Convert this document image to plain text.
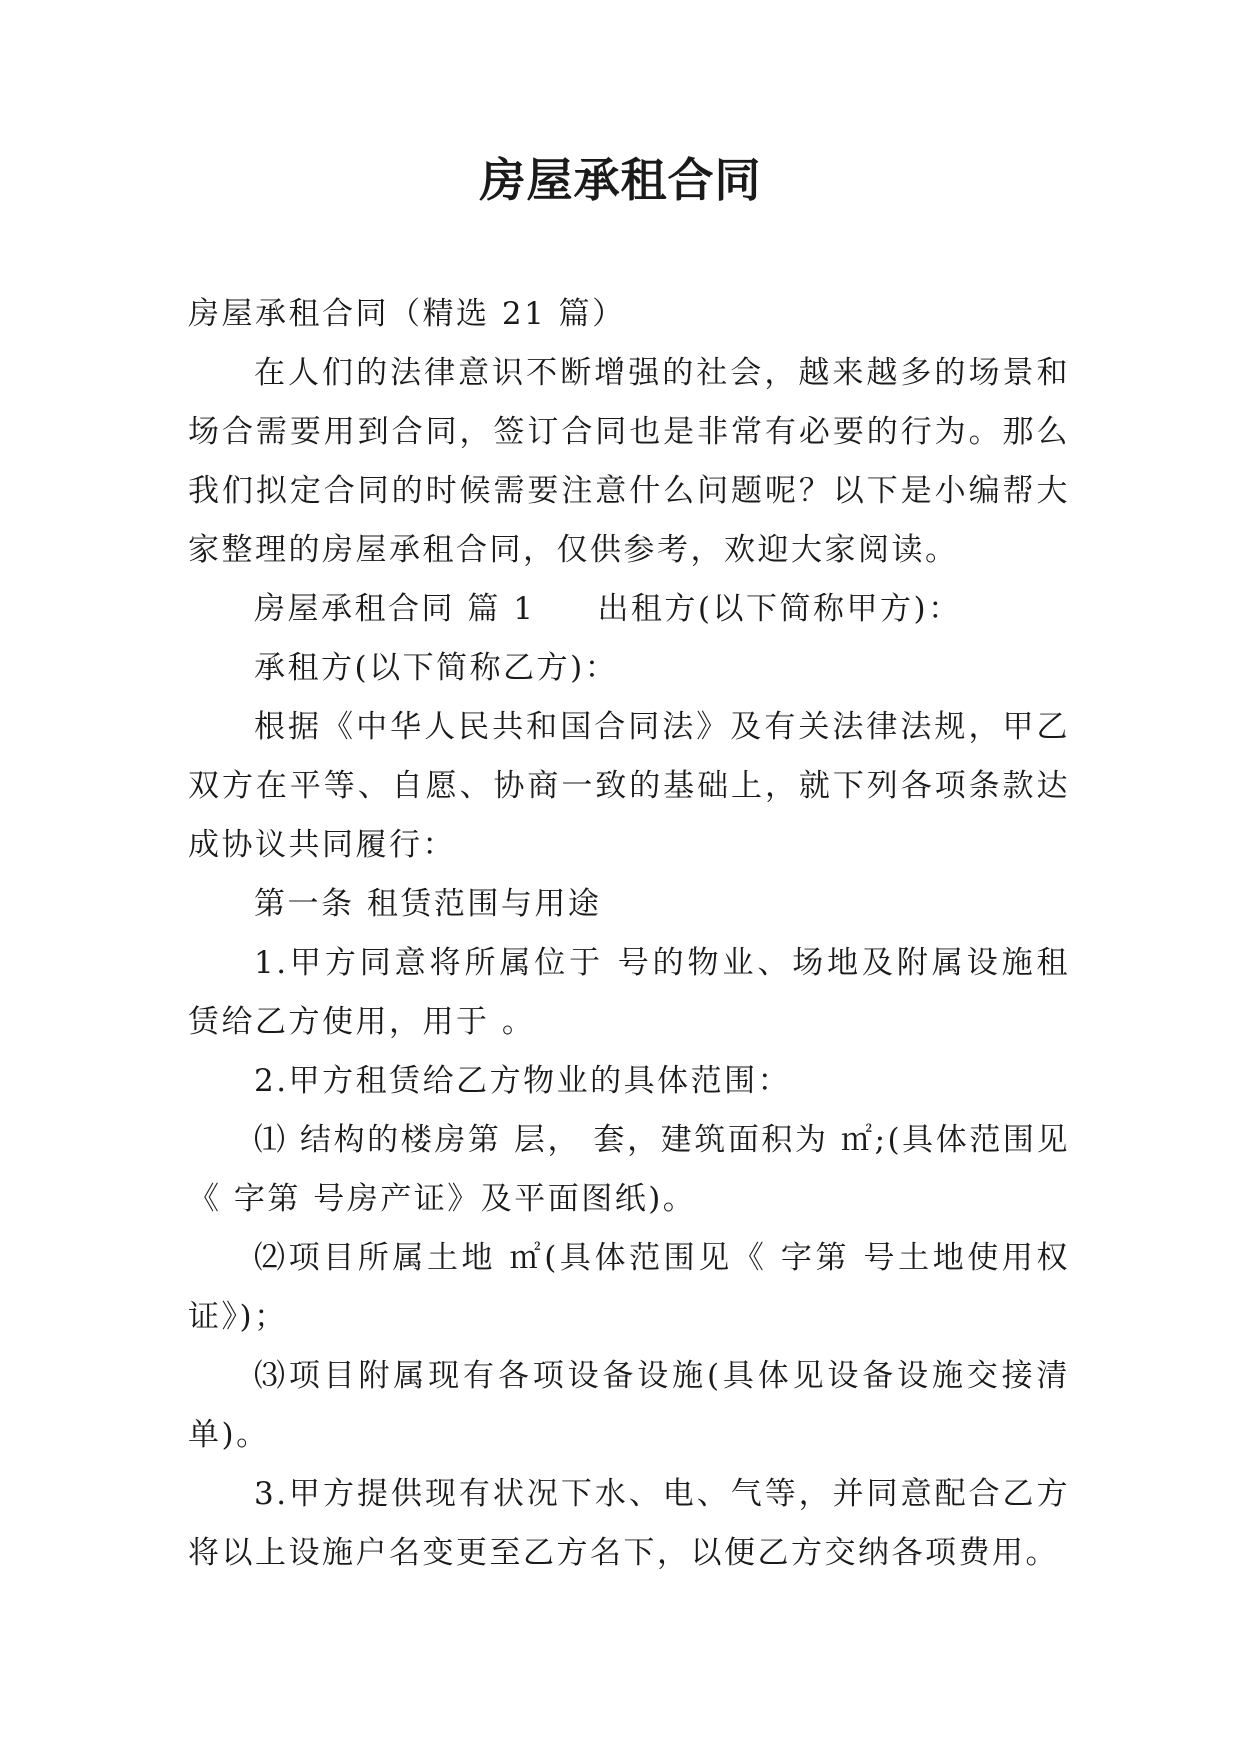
房屋承租合同

房屋承租合同（精选 21 篇）

在人们的法律意识不断增强的社会，越来越多的场景和场合需要用到合同，签订合同也是非常有必要的行为。那么我们拟定合同的时候需要注意什么问题呢？以下是小编帮大家整理的房屋承租合同，仅供参考，欢迎大家阅读。

房屋承租合同 篇 1 出租方(以下简称甲方)：

承租方(以下简称乙方)：

根据《中华人民共和国合同法》及有关法律法规，甲乙双方在平等、自愿、协商一致的基础上，就下列各项条款达成协议共同履行：

第一条 租赁范围与用途

1.甲方同意将所属位于 号的物业、场地及附属设施租赁给乙方使用，用于 。

2.甲方租赁给乙方物业的具体范围：

⑴ 结构的楼房第 层， 套，建筑面积为 ㎡;(具体范围见《 字第 号房产证》及平面图纸)。

⑵项目所属土地 ㎡(具体范围见《 字第 号土地使用权证》)；

⑶项目附属现有各项设备设施(具体见设备设施交接清单)。

3.甲方提供现有状况下水、电、气等，并同意配合乙方将以上设施户名变更至乙方名下，以便乙方交纳各项费用。
